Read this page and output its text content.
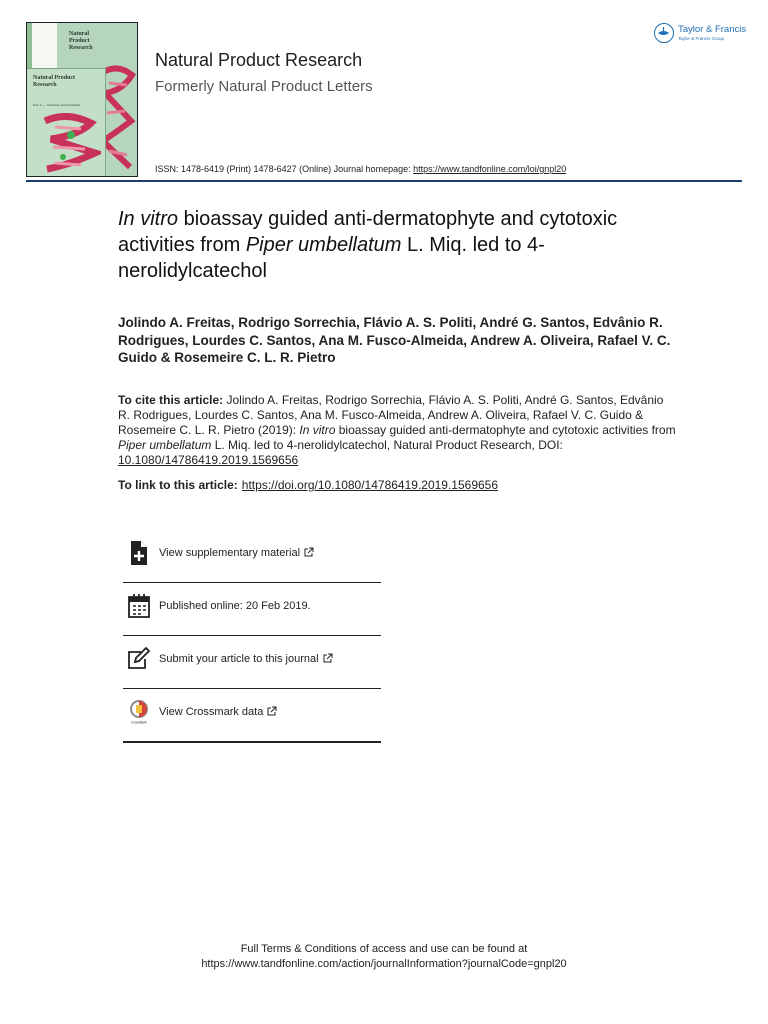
Natural Product Research
Natural Product Research
Part A — Structure and Synthesis
Natural Product Research
Formerly Natural Product Letters
ISSN: 1478-6419 (Print) 1478-6427 (Online) Journal homepage: https://www.tandfonline.com/loi/gnpl20
Taylor & Francis
Taylor & Francis Group
In vitro bioassay guided anti-dermatophyte and cytotoxic activities from Piper umbellatum L. Miq. led to 4-nerolidylcatechol
Jolindo A. Freitas, Rodrigo Sorrechia, Flávio A. S. Politi, André G. Santos, Edvânio R. Rodrigues, Lourdes C. Santos, Ana M. Fusco-Almeida, Andrew A. Oliveira, Rafael V. C. Guido & Rosemeire C. L. R. Pietro
To cite this article: Jolindo A. Freitas, Rodrigo Sorrechia, Flávio A. S. Politi, André G. Santos, Edvânio R. Rodrigues, Lourdes C. Santos, Ana M. Fusco-Almeida, Andrew A. Oliveira, Rafael V. C. Guido & Rosemeire C. L. R. Pietro (2019): In vitro bioassay guided anti-dermatophyte and cytotoxic activities from Piper umbellatum L. Miq. led to 4-nerolidylcatechol, Natural Product Research, DOI:
10.1080/14786419.2019.1569656
To link to this article: https://doi.org/10.1080/14786419.2019.1569656
View supplementary material
Published online: 20 Feb 2019.
Submit your article to this journal
CrossMark
View Crossmark data
Full Terms & Conditions of access and use can be found at
https://www.tandfonline.com/action/journalInformation?journalCode=gnpl20
